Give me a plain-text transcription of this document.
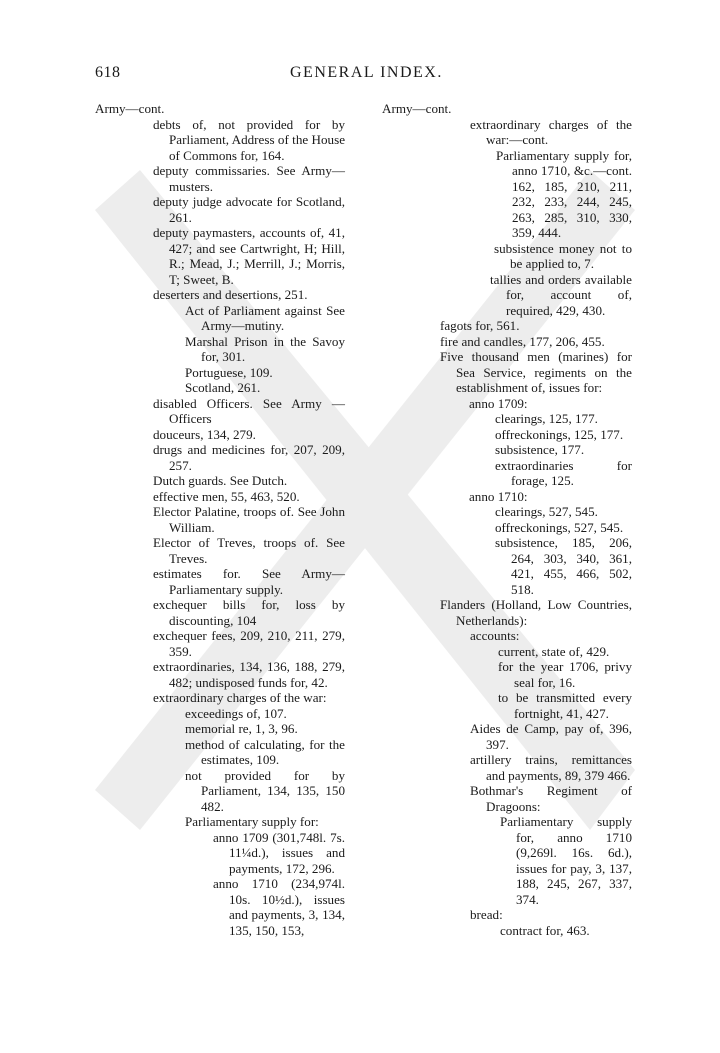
618	GENERAL INDEX.
Army—cont.
debts of, not provided for by Parliament, Address of the House of Commons for, 164.
deputy commissaries. See Army—musters.
deputy judge advocate for Scotland, 261.
deputy paymasters, accounts of, 41, 427; and see Cartwright, H; Hill, R.; Mead, J.; Merrill, J.; Morris, T; Sweet, B.
deserters and desertions, 251.
Act of Parliament against See Army—mutiny.
Marshal Prison in the Savoy for, 301.
Portuguese, 109.
Scotland, 261.
disabled Officers. See Army —Officers
douceurs, 134, 279.
drugs and medicines for, 207, 209, 257.
Dutch guards. See Dutch.
effective men, 55, 463, 520.
Elector Palatine, troops of. See John William.
Elector of Treves, troops of. See Treves.
estimates for. See Army— Parliamentary supply.
exchequer bills for, loss by discounting, 104
exchequer fees, 209, 210, 211, 279, 359.
extraordinaries, 134, 136, 188, 279, 482; undisposed funds for, 42.
extraordinary charges of the war:
exceedings of, 107.
memorial re, 1, 3, 96.
method of calculating, for the estimates, 109.
not provided for by Parliament, 134, 135, 150 482.
Parliamentary supply for:
anno 1709 (301,748l. 7s. 11¼d.), issues and payments, 172, 296.
anno 1710 (234,974l. 10s. 10½d.), issues and payments, 3, 134, 135, 150, 153,
Army—cont.
extraordinary charges of the war:—cont.
Parliamentary supply for, anno 1710, &c.—cont. 162, 185, 210, 211, 232, 233, 244, 245, 263, 285, 310, 330, 359, 444.
subsistence money not to be applied to, 7.
tallies and orders available for, account of, required, 429, 430.
fagots for, 561.
fire and candles, 177, 206, 455.
Five thousand men (marines) for Sea Service, regiments on the establishment of, issues for:
anno 1709:
clearings, 125, 177.
offreckonings, 125, 177.
subsistence, 177.
extraordinaries for forage, 125.
anno 1710:
clearings, 527, 545.
offreckonings, 527, 545.
subsistence, 185, 206, 264, 303, 340, 361, 421, 455, 466, 502, 518.
Flanders (Holland, Low Countries, Netherlands):
accounts:
current, state of, 429.
for the year 1706, privy seal for, 16.
to be transmitted every fortnight, 41, 427.
Aides de Camp, pay of, 396, 397.
artillery trains, remittances and payments, 89, 379 466.
Bothmar's Regiment of Dragoons:
Parliamentary supply for, anno 1710 (9,269l. 16s. 6d.), issues for pay, 3, 137, 188, 245, 267, 337, 374.
bread:
contract for, 463.
